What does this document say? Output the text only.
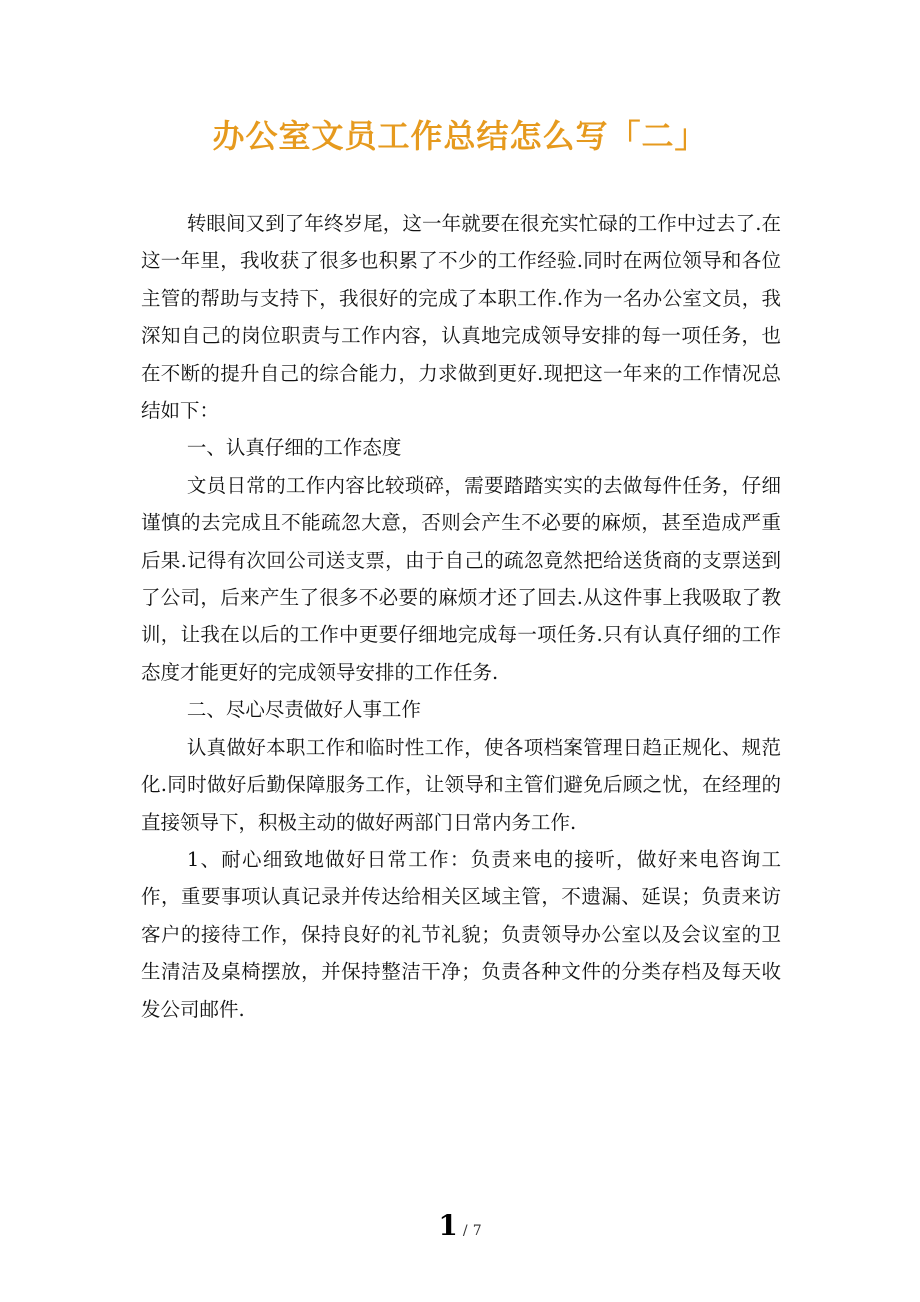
办公室文员工作总结怎么写「二」

转眼间又到了年终岁尾，这一年就要在很充实忙碌的工作中过去了.在这一年里，我收获了很多也积累了不少的工作经验.同时在两位领导和各位主管的帮助与支持下，我很好的完成了本职工作.作为一名办公室文员，我深知自己的岗位职责与工作内容，认真地完成领导安排的每一项任务，也在不断的提升自己的综合能力，力求做到更好.现把这一年来的工作情况总结如下：

一、认真仔细的工作态度

文员日常的工作内容比较琐碎，需要踏踏实实的去做每件任务，仔细谨慎的去完成且不能疏忽大意，否则会产生不必要的麻烦，甚至造成严重后果.记得有次回公司送支票，由于自己的疏忽竟然把给送货商的支票送到了公司，后来产生了很多不必要的麻烦才还了回去.从这件事上我吸取了教训，让我在以后的工作中更要仔细地完成每一项任务.只有认真仔细的工作态度才能更好的完成领导安排的工作任务.

二、尽心尽责做好人事工作

认真做好本职工作和临时性工作，使各项档案管理日趋正规化、规范化.同时做好后勤保障服务工作，让领导和主管们避免后顾之忧，在经理的直接领导下，积极主动的做好两部门日常内务工作.

1、耐心细致地做好日常工作：负责来电的接听，做好来电咨询工作，重要事项认真记录并传达给相关区域主管，不遗漏、延误；负责来访客户的接待工作，保持良好的礼节礼貌；负责领导办公室以及会议室的卫生清洁及桌椅摆放，并保持整洁干净；负责各种文件的分类存档及每天收发公司邮件.

1 / 7
